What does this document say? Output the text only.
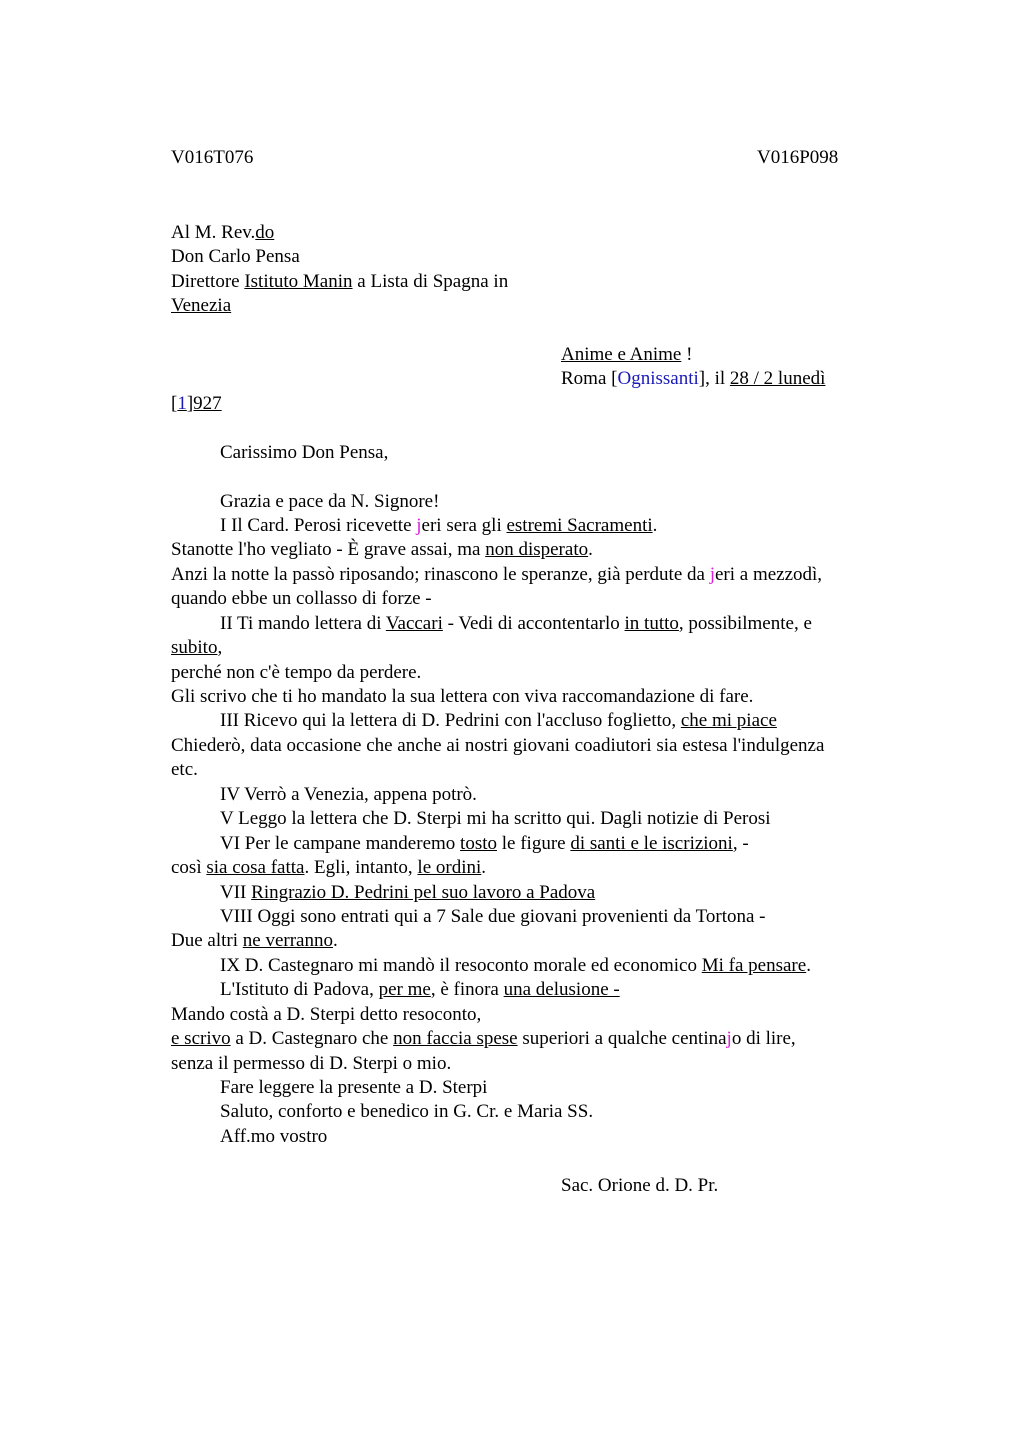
V016T076	V016P098
Al M. Rev.do
Don Carlo Pensa
Direttore Istituto Manin a Lista di Spagna in
Venezia
Anime e Anime !
Roma [Ognissanti], il 28 / 2 lunedì
[1]927
Carissimo Don Pensa,
Grazia e pace da N. Signore!
I Il Card. Perosi ricevette jeri sera gli estremi Sacramenti.
Stanotte l'ho vegliato - È grave assai, ma non disperato.
Anzi la notte la passò riposando; rinascono le speranze, già perdute da jeri a mezzodì,
quando ebbe un collasso di forze -
II Ti mando lettera di Vaccari - Vedi di accontentarlo in tutto, possibilmente, e
subito,
perché non c'è tempo da perdere.
Gli scrivo che ti ho mandato la sua lettera con viva raccomandazione di fare.
III Ricevo qui la lettera di D. Pedrini con l'accluso foglietto, che mi piace
Chiederò, data occasione che anche ai nostri giovani coadiutori sia estesa l'indulgenza
etc.
IV Verrò a Venezia, appena potrò.
V Leggo la lettera che D. Sterpi mi ha scritto qui. Dagli notizie di Perosi
VI Per le campane manderemo tosto le figure di santi e le iscrizioni, -
così sia cosa fatta. Egli, intanto, le ordini.
VII Ringrazio D. Pedrini pel suo lavoro a Padova
VIII Oggi sono entrati qui a 7 Sale due giovani provenienti da Tortona -
Due altri ne verranno.
IX D. Castegnaro mi mandò il resoconto morale ed economico Mi fa pensare.
L'Istituto di Padova, per me, è finora una delusione -
Mando costà a D. Sterpi detto resoconto,
e scrivo a D. Castegnaro che non faccia spese superiori a qualche centinajo di lire,
senza il permesso di D. Sterpi o mio.
Fare leggere la presente a D. Sterpi
Saluto, conforto e benedico in G. Cr. e Maria SS.
Aff.mo vostro
Sac. Orione d. D. Pr.
